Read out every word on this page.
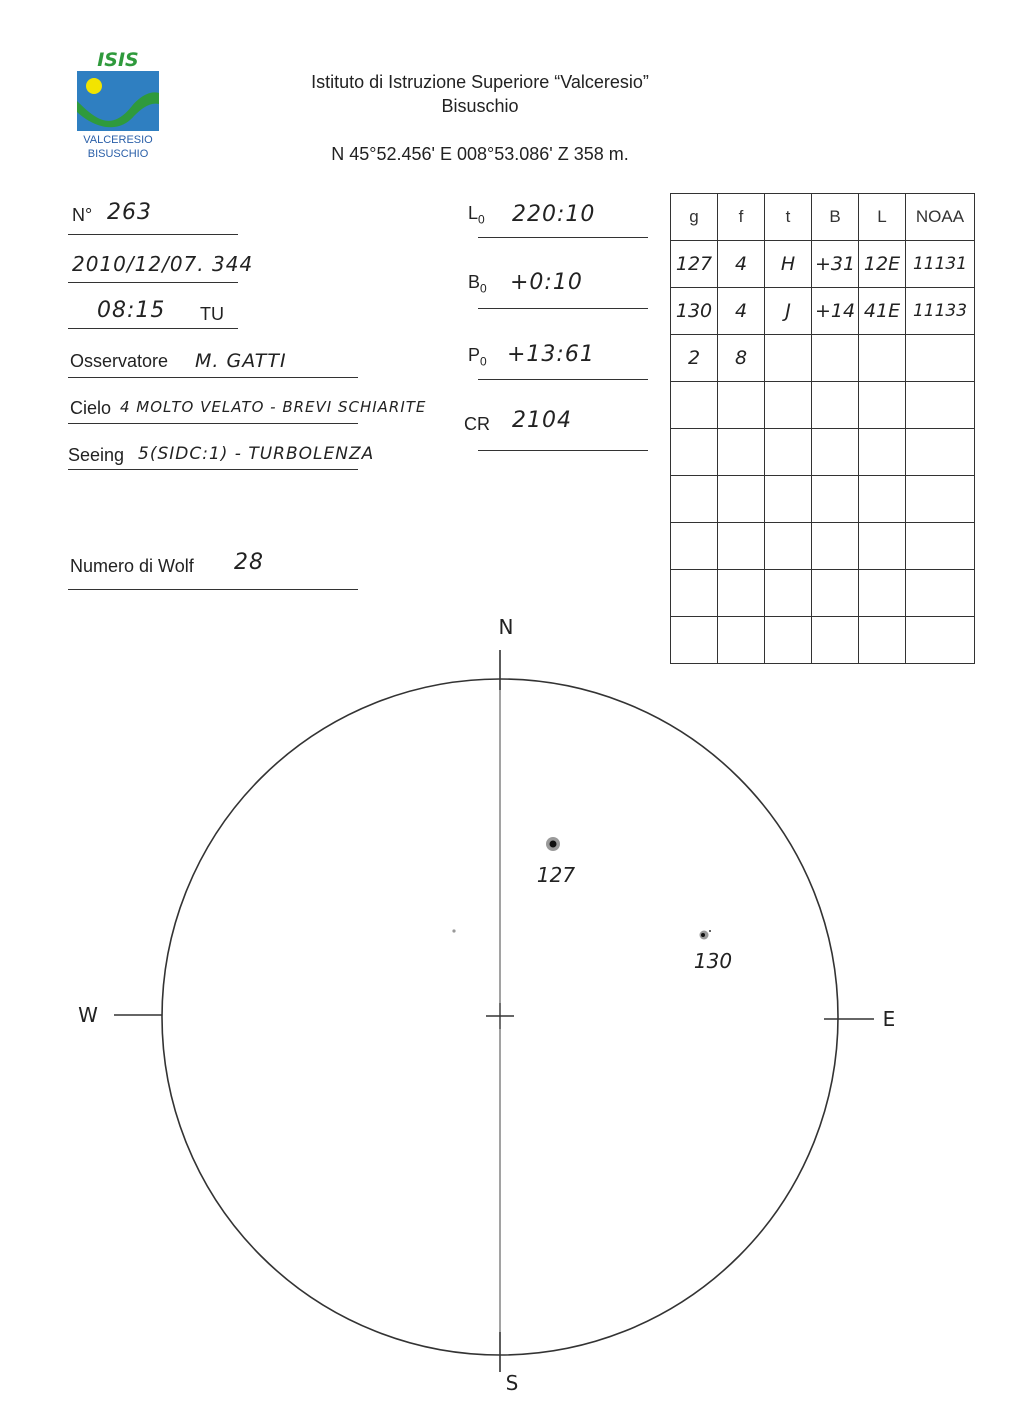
ISIS
VALCERESIO
BISUSCHIO
Istituto di Istruzione Superiore “Valceresio”
Bisuschio
N 45°52.456' E 008°53.086' Z 358 m.
N° 263
2010/12/07. 344
08:15 TU
Osservatore M. GATTI
Cielo 4 MOLTO VELATO - BREVI SCHIARITE
Seeing 5(SIDC:1) - TURBOLENZA
Numero di Wolf 28
$L_0$ 220:10
$B_0$ +0:10
$P_0$ +13:61
CR 2104
g	f	t	B	L	NOAA
127	4	H	+31	12E	11131
130	4	J	+14	41E	11133
2	8				

N
S
W	E
127
130
